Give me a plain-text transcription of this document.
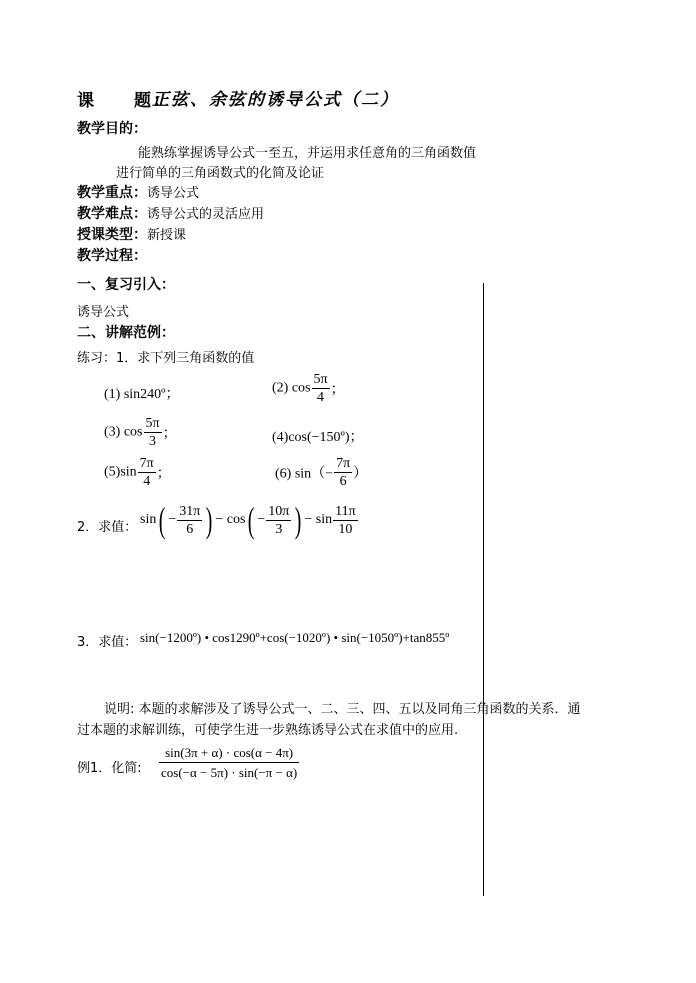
课　　题：
正弦、余弦的诱导公式（二）
教学目的：
能熟练掌握诱导公式一至五，并运用求任意角的三角函数值
进行简单的三角函数式的化简及论证
教学重点：诱导公式
教学难点：诱导公式的灵活应用
授课类型：新授课
教学过程：
一、复习引入：
诱导公式
二、讲解范例：
练习：1．求下列三角函数的值
(1) sin240º；	(2) $\cos \frac{5\pi}{4}$ ；
(3) $\cos \frac{5\pi}{3}$ ；	(4)cos(−150º)；
$(5)\sin \frac{7\pi}{4}$ ；	(6) $\sin(- \frac{7\pi}{6}$ ）
2．求值：
$\sin( - \frac{31\pi}{6}$ ) − $\cos( - \frac{10\pi}{3}$ ) − $\sin \frac{11\pi}{10}$
3．求值： sin(−1200º) • cos1290º+cos(−1020º) • sin(−1050º)+tan855º
说明: 本题的求解涉及了诱导公式一、二、三、四、五以及同角三角函数的关系．通
过本题的求解训练，可使学生进一步熟练诱导公式在求值中的应用.
例1．化简: $\frac{\sin(3\pi + \alpha) \cdot \cos(\alpha - 4\pi)}{\cos(-\alpha - 5\pi) \cdot \sin(-\pi - \alpha)}$
